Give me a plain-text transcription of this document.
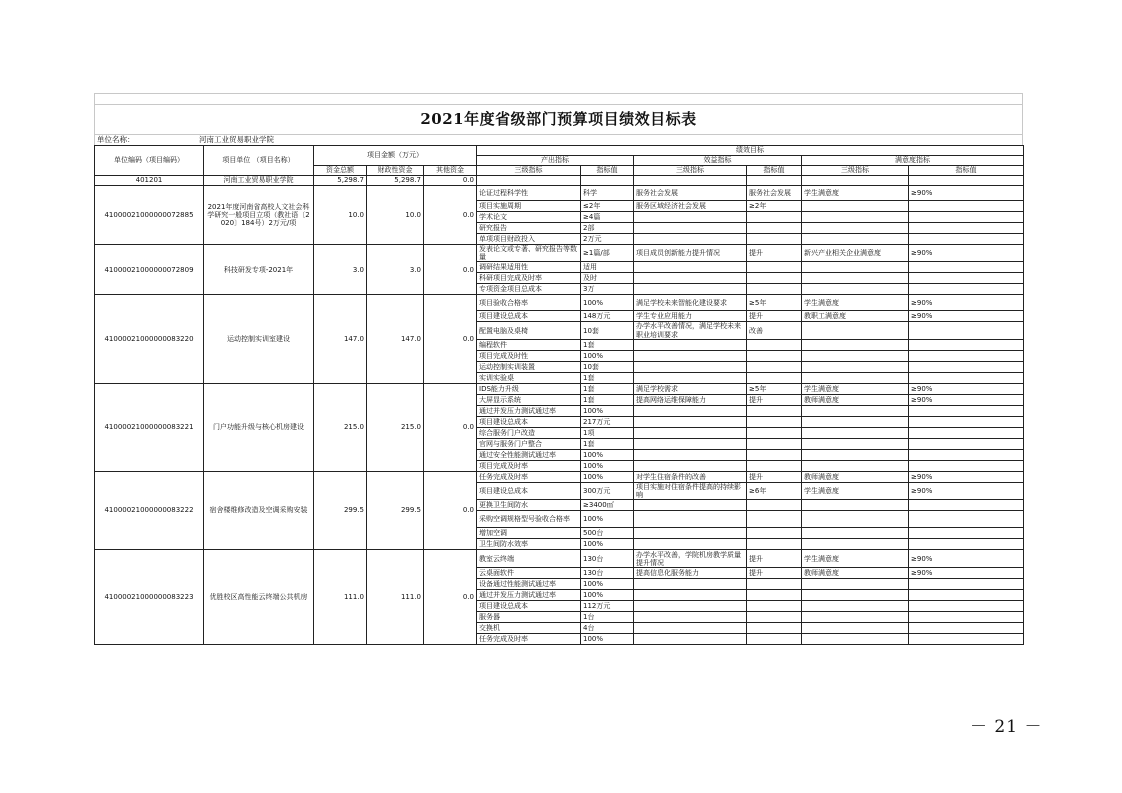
2021年度省级部门预算项目绩效目标表
单位名称：	河南工业贸易职业学院
单位编码（项目编码）	项目单位 （项目名称）	项目金额（万元）			绩效目标					
					产出指标		效益指标		满意度指标	
		资金总额	财政性资金	其他资金	三级指标	指标值	三级指标	指标值	三级指标	指标值
401201	河南工业贸易职业学院	5,298.7	5,298.7	0.0						
41000021000000072885	2021年度河南省高校人文社会科学研究一般项目立项（教社语〔2020〕184号）2万元/项	10.0	10.0	0.0	论证过程科学性	科学	服务社会发展	服务社会发展	学生满意度	≥90%
					项目实施周期	≤2年	服务区域经济社会发展	≥2年		
					学术论文	≥4篇				
					研究报告	2部				
					单项项目财政投入	2万元				
41000021000000072809	科技研发专项-2021年	3.0	3.0	0.0	发表论文或专著、研究报告等数量	≥1篇/部	项目成员创新能力提升情况	提升	新兴产业相关企业满意度	≥90%
					调研结果适用性	适用				
					科研项目完成及时率	及时				
					专项资金项目总成本	3万				
41000021000000083220	运动控制实训室建设	147.0	147.0	0.0	项目验收合格率	100%	满足学校未来智能化建设要求	≥5年	学生满意度	≥90%
					项目建设总成本	148万元	学生专业应用能力	提升	教职工满意度	≥90%
					配置电脑及桌椅	10套	办学水平改善情况，满足学校未来职业培训要求	改善		
					编程软件	1套				
					项目完成及时性	100%				
					运动控制实训装置	10套				
					实训实验桌	1套				
41000021000000083221	门户功能升级与核心机房建设	215.0	215.0	0.0	IDS能力升级	1套	满足学校需求	≥5年	学生满意度	≥90%
					大屏显示系统	1套	提高网络运维保障能力	提升	教师满意度	≥90%
					通过并发压力测试通过率	100%				
					项目建设总成本	217万元				
					综合服务门户改造	1项				
					官网与服务门户整合	1套				
					通过安全性能测试通过率	100%				
					项目完成及时率	100%				
41000021000000083222	宿舍楼维修改造及空调采购安装	299.5	299.5	0.0	任务完成及时率	100%	对学生住宿条件的改善	提升	教师满意度	≥90%
					项目建设总成本	300万元	项目实施对住宿条件提高的持续影响	≥6年	学生满意度	≥90%
					更换卫生间防水	≥3400㎡				
					采购空调规格型号验收合格率	100%				
					增加空调	500台				
					卫生间防水效率	100%				
41000021000000083223	优胜校区高性能云终端公共机房	111.0	111.0	0.0	教室云终端	130台	办学水平改善，学院机房教学质量提升情况	提升	学生满意度	≥90%
					云桌面软件	130台	提高信息化服务能力	提升	教师满意度	≥90%
					设备通过性能测试通过率	100%				
					通过并发压力测试通过率	100%				
					项目建设总成本	112万元				
					服务器	1台				
					交换机	4台				
					任务完成及时率	100%				
－ 21 －
